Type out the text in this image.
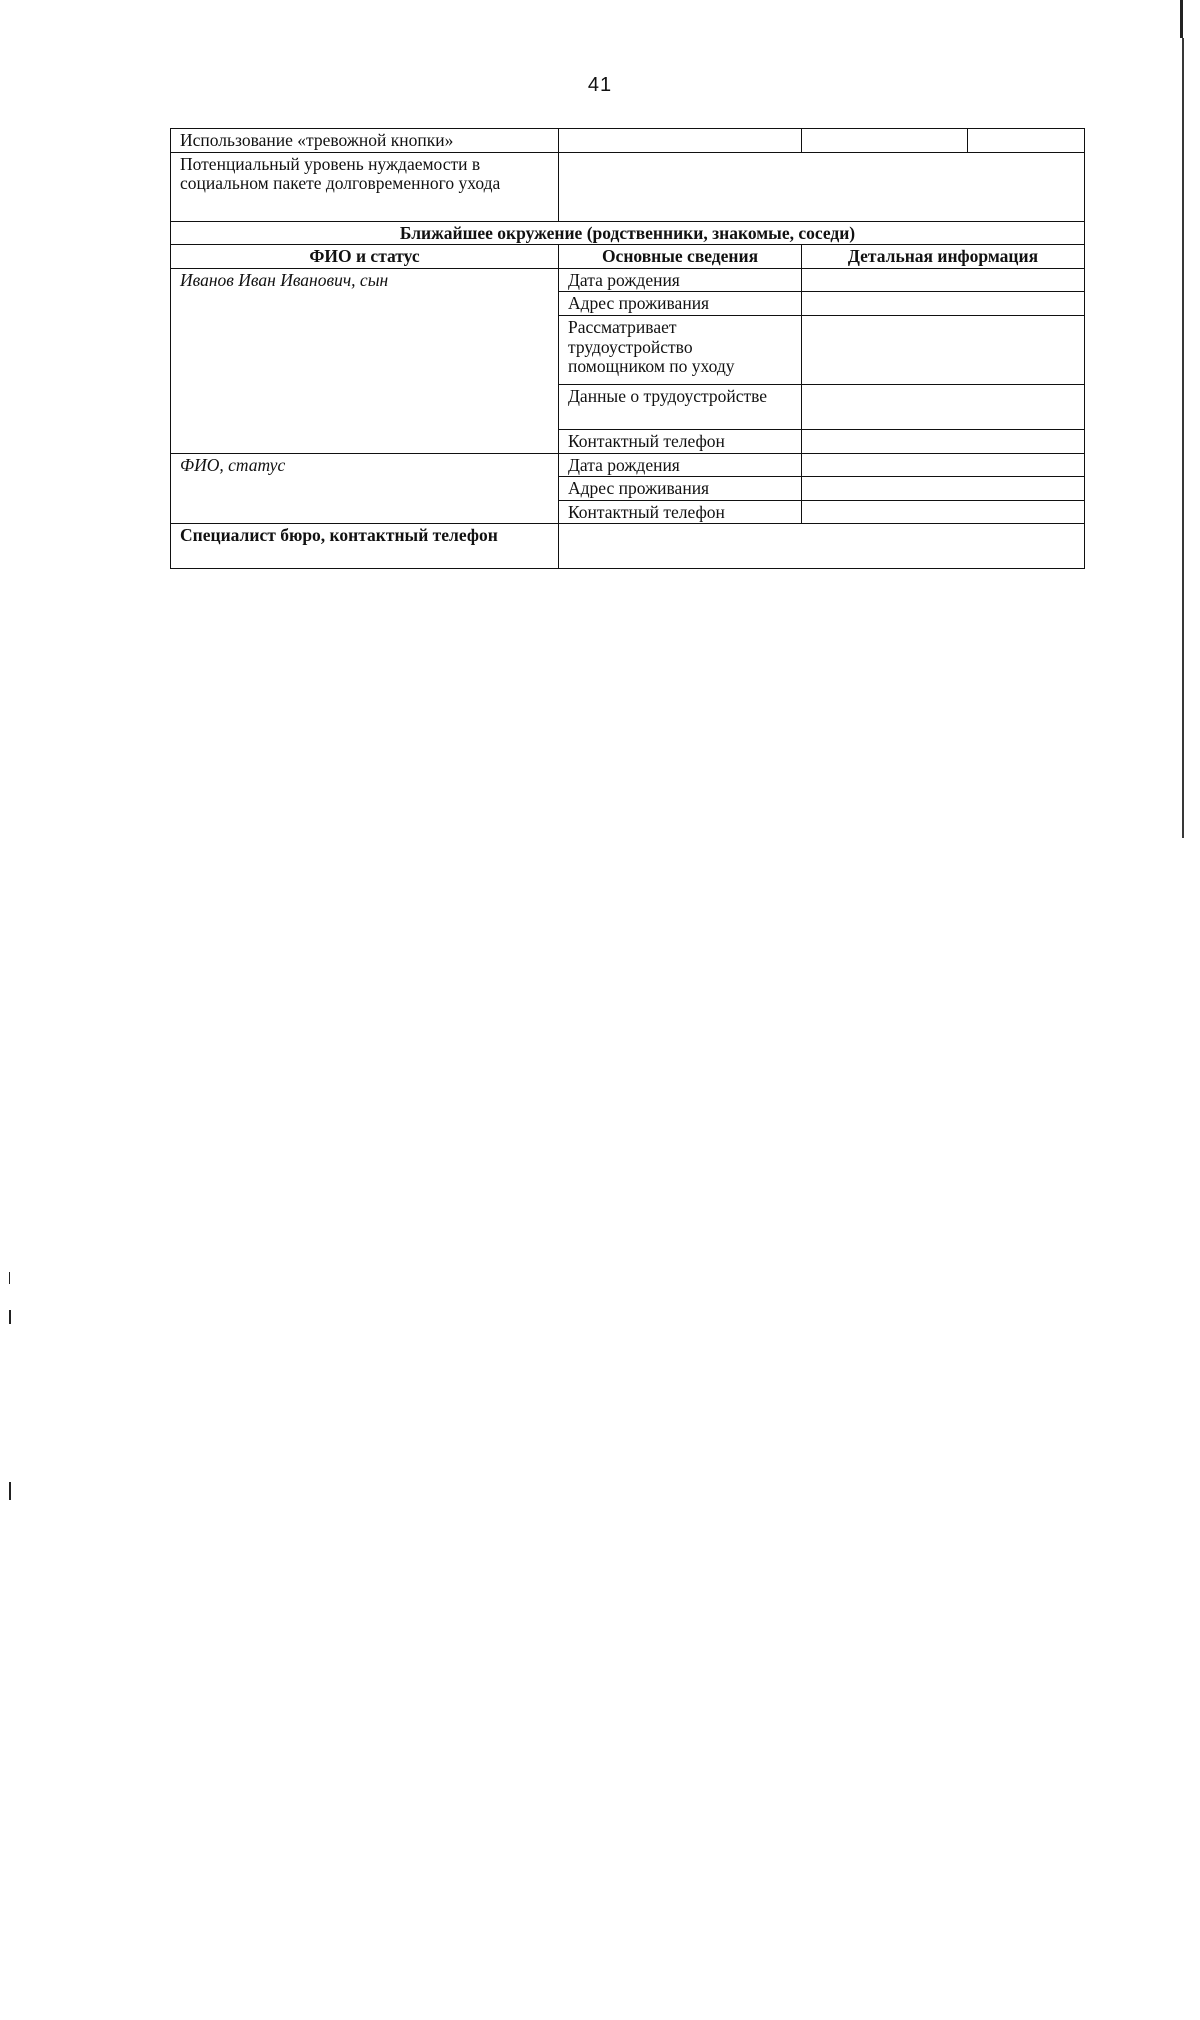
41
Использование «тревожной кнопки»			
Потенциальный уровень нуждаемости в социальном пакете долговременного ухода			
Ближайшее окружение (родственники, знакомые, соседи)			
ФИО и статус	Основные сведения	Детальная информация	
Иванов Иван Иванович, сын	Дата рождения		
	Адрес проживания		
	Рассматривает трудоустройство помощником по уходу		
	Данные о трудоустройстве		
	Контактный телефон		
ФИО, статус	Дата рождения		
	Адрес проживания		
	Контактный телефон		
Специалист бюро, контактный телефон			
